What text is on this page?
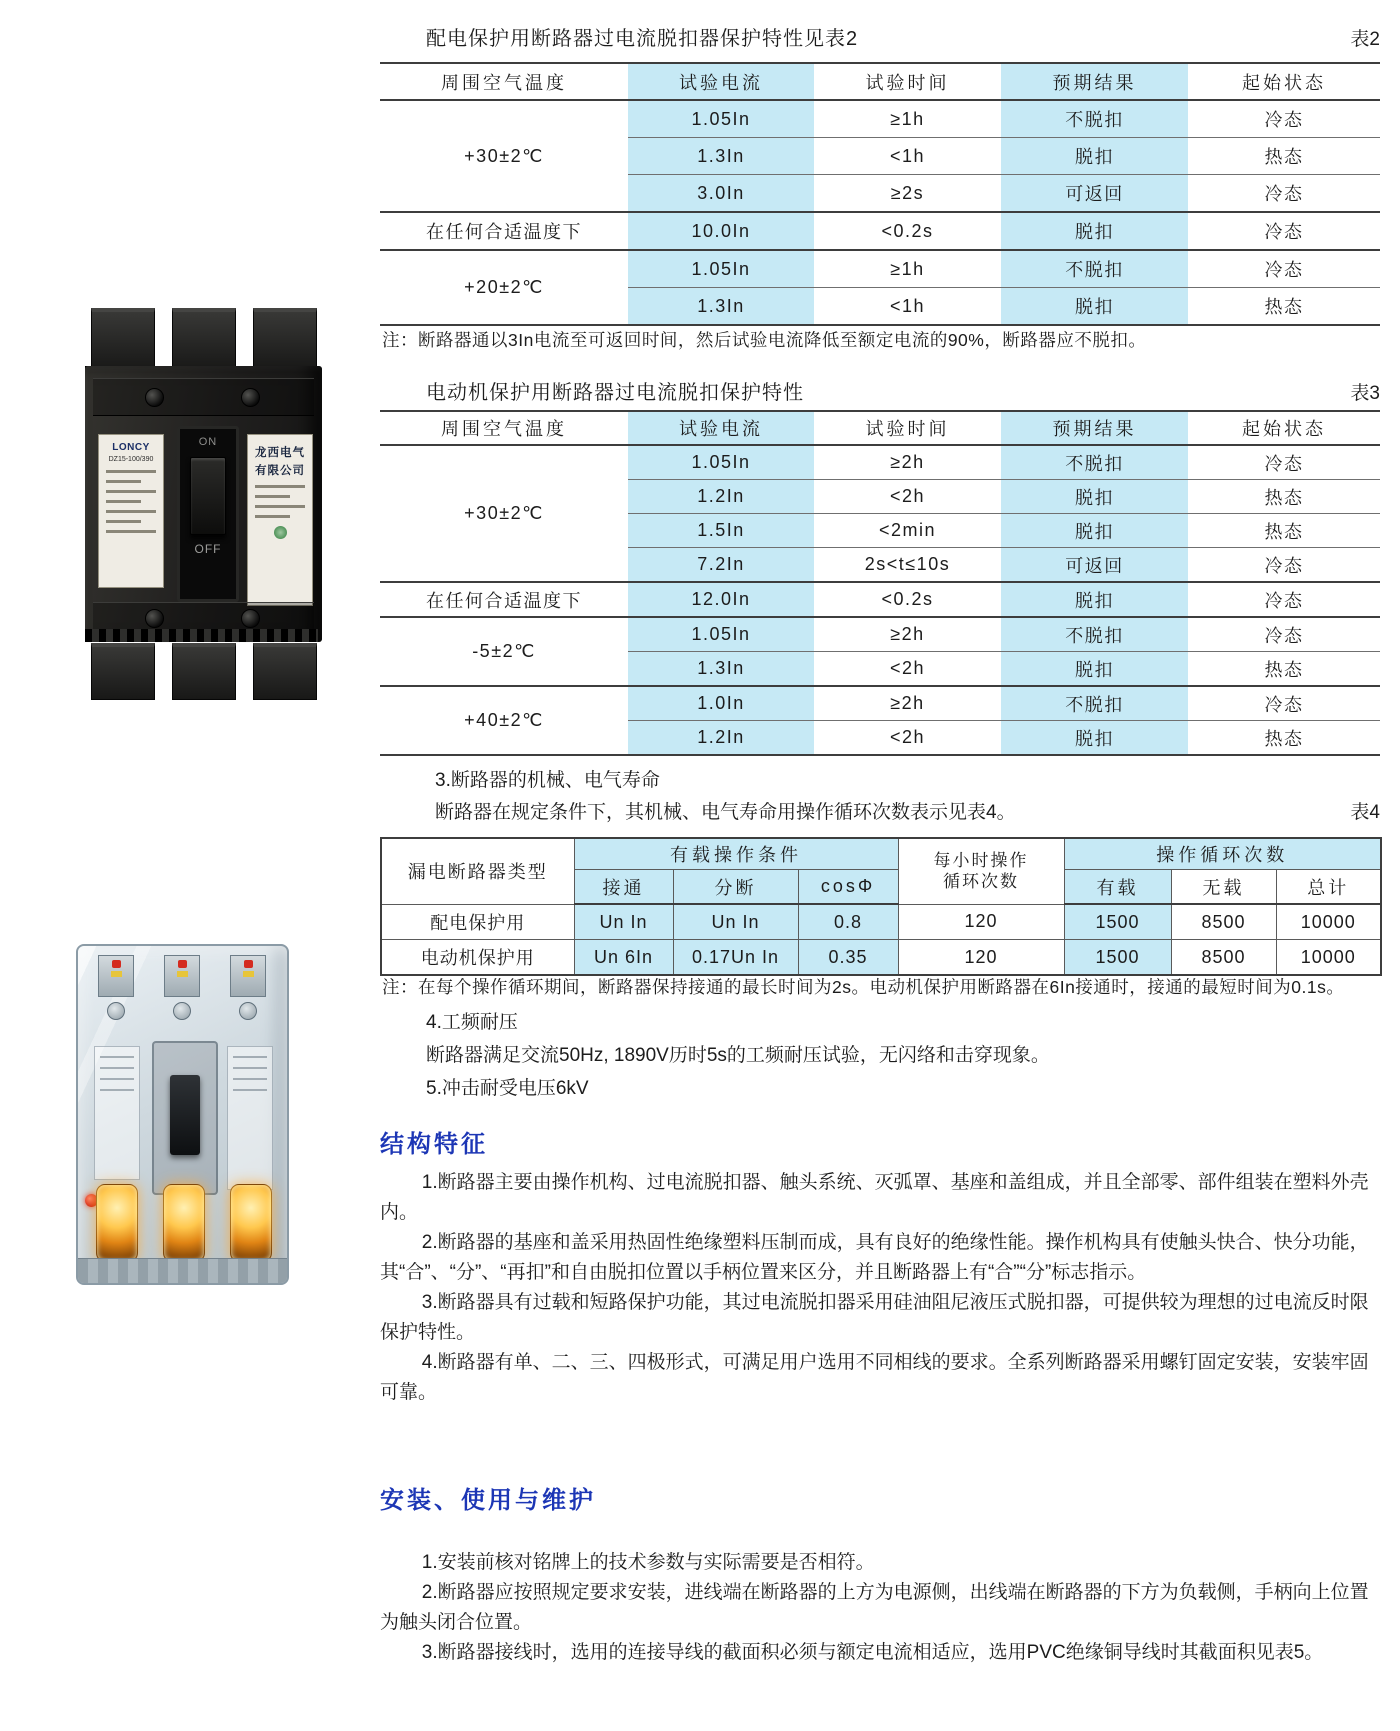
LONCY
DZ15-100/390
ON
OFF
龙西电气
有限公司
配电保护用断路器过电流脱扣器保护特性见表2	表2
周围空气温度	试验电流	试验时间	预期结果	起始状态
+30±2℃	1.05In	≥1h	不脱扣	冷态
	1.3In	<1h	脱扣	热态
	3.0In	≥2s	可返回	冷态
在任何合适温度下	10.0In	<0.2s	脱扣	冷态
+20±2℃	1.05In	≥1h	不脱扣	冷态
	1.3In	<1h	脱扣	热态
注：断路器通以3In电流至可返回时间，然后试验电流降低至额定电流的90%，断路器应不脱扣。
电动机保护用断路器过电流脱扣保护特性	表3
周围空气温度	试验电流	试验时间	预期结果	起始状态
+30±2℃	1.05In	≥2h	不脱扣	冷态
	1.2In	<2h	脱扣	热态
	1.5In	<2min	脱扣	热态
	7.2In	2s<t≤10s	可返回	冷态
在任何合适温度下	12.0In	<0.2s	脱扣	冷态
-5±2℃	1.05In	≥2h	不脱扣	冷态
	1.3In	<2h	脱扣	热态
+40±2℃	1.0In	≥2h	不脱扣	冷态
	1.2In	<2h	脱扣	热态
3.断路器的机械、电气寿命
断路器在规定条件下，其机械、电气寿命用操作循环次数表示见表4。	表4
漏电断路器类型	有载操作条件			每小时操作
循环次数	操作循环次数		
	接通	分断	cosΦ		有载	无载	总计
配电保护用	Un In	Un In	0.8	120	1500	8500	10000
电动机保护用	Un 6In	0.17Un In	0.35	120	1500	8500	10000
注：在每个操作循环期间，断路器保持接通的最长时间为2s。电动机保护用断路器在6In接通时，接通的最短时间为0.1s。
4.工频耐压
断路器满足交流50Hz, 1890V历时5s的工频耐压试验，无闪络和击穿现象。
5.冲击耐受电压6kV
结构特征

1.断路器主要由操作机构、过电流脱扣器、触头系统、灭弧罩、基座和盖组成，并且全部零、部件组装在塑料外壳内。

2.断路器的基座和盖采用热固性绝缘塑料压制而成，具有良好的绝缘性能。操作机构具有使触头快合、快分功能，其“合”、“分”、“再扣”和自由脱扣位置以手柄位置来区分，并且断路器上有“合”“分”标志指示。

3.断路器具有过载和短路保护功能，其过电流脱扣器采用硅油阻尼液压式脱扣器，可提供较为理想的过电流反时限保护特性。

4.断路器有单、二、三、四极形式，可满足用户选用不同相线的要求。全系列断路器采用螺钉固定安装，安装牢固可靠。

安装、使用与维护

1.安装前核对铭牌上的技术参数与实际需要是否相符。

2.断路器应按照规定要求安装，进线端在断路器的上方为电源侧，出线端在断路器的下方为负载侧，手柄向上位置为触头闭合位置。

3.断路器接线时，选用的连接导线的截面积必须与额定电流相适应，选用PVC绝缘铜导线时其截面积见表5。
